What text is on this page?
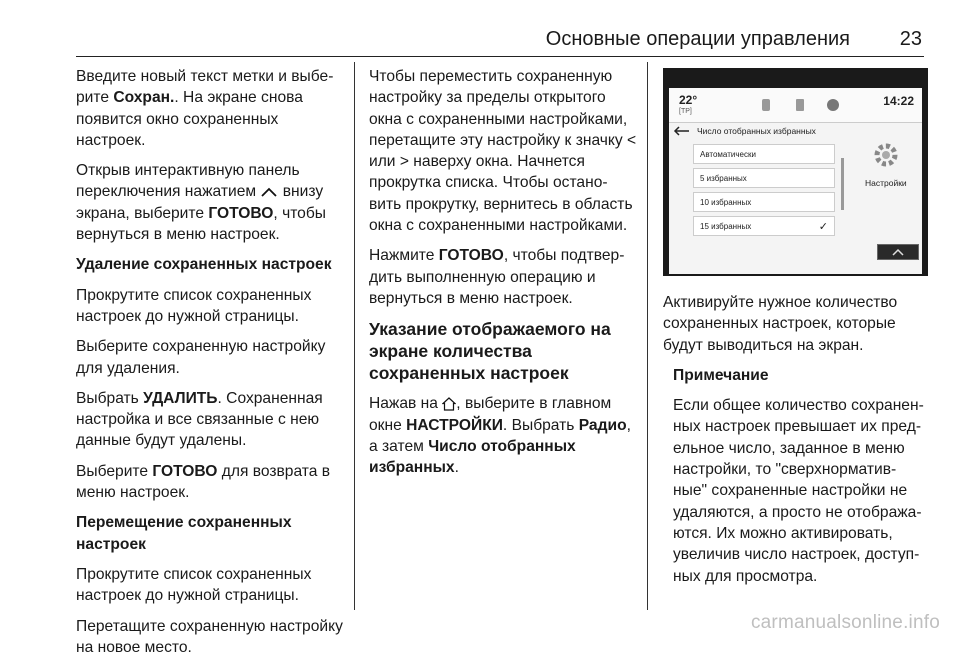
Основные операции управления 23

Введите новый текст метки и выбе-рите Сохран.. На экране снова появится окно сохраненных настроек.

Открыв интерактивную панель переключения нажатием  внизу экрана, выберите ГОТОВО, чтобы вернуться в меню настроек.

Удаление сохраненных настроек

Прокрутите список сохраненных настроек до нужной страницы.

Выберите сохраненную настройку для удаления.

Выбрать УДАЛИТЬ. Сохраненная настройка и все связанные с нею данные будут удалены.

Выберите ГОТОВО для возврата в меню настроек.

Перемещение сохраненных настроек

Прокрутите список сохраненных настроек до нужной страницы.

Перетащите сохраненную настройку на новое место.

Чтобы переместить сохраненную настройку за пределы открытого окна с сохраненными настройками, перетащите эту настройку к значку < или > наверху окна. Начнется прокрутка списка. Чтобы остано-вить прокрутку, вернитесь в область окна с сохраненными настройками.

Нажмите ГОТОВО, чтобы подтвер-дить выполненную операцию и вернуться в меню настроек.

Указание отображаемого на экране количества сохраненных настроек

Нажав на , выберите в главном окне НАСТРОЙКИ. Выбрать Радио, а затем Число отобранных избранных.

22°
[TP]
14:22
Число отобранных избранных
Автоматически
5 избранных
10 избранных
15 избранных	✓
Настройки

Активируйте нужное количество сохраненных настроек, которые будут выводиться на экран.

Примечание

Если общее количество сохранен-ных настроек превышает их пред-ельное число, заданное в меню настройки, то "сверхнорматив-ные" сохраненные настройки не удаляются, а просто не отобража-ются. Их можно активировать, увеличив число настроек, доступ-ных для просмотра.

carmanualsonline.info
